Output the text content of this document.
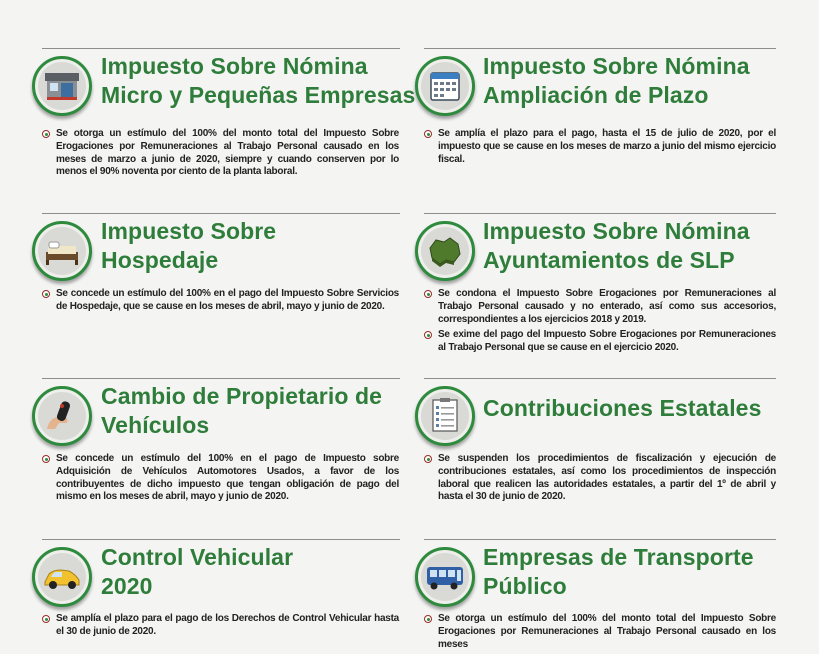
Impuesto Sobre Nómina
Micro y Pequeñas Empresas
Se otorga un estímulo del 100% del monto total del Impuesto Sobre Erogaciones por Remuneraciones al Trabajo Personal causado en los meses de marzo a junio de 2020, siempre y cuando conserven por lo menos el 90% noventa por ciento de la planta laboral.
Impuesto Sobre Nómina
Ampliación de Plazo
Se amplía el plazo para el pago, hasta el 15 de julio de 2020, por el impuesto que se cause en los meses de marzo a junio del mismo ejercicio fiscal.
Impuesto Sobre
Hospedaje
Se concede un estímulo del 100% en el pago del Impuesto Sobre Servicios de Hospedaje, que se cause en los meses de abril, mayo y junio de 2020.
Impuesto Sobre Nómina
Ayuntamientos de SLP
Se condona el Impuesto Sobre Erogaciones por Remuneraciones al Trabajo Personal causado y no enterado, así como sus accesorios, correspondientes a los ejercicios 2018 y 2019.
Se exime del pago del Impuesto Sobre Erogaciones por Remuneraciones al Trabajo Personal que se cause en el ejercicio 2020.
Cambio de Propietario de
Vehículos
Se concede un estímulo del 100% en el pago de Impuesto sobre Adquisición de Vehículos Automotores Usados, a favor de los contribuyentes de dicho impuesto que tengan obligación de pago del mismo en los meses de abril, mayo y junio de 2020.
Contribuciones Estatales
Se suspenden los procedimientos de fiscalización y ejecución de contribuciones estatales, así como los procedimientos de inspección laboral que realicen las autoridades estatales, a partir del 1º de abril y hasta el 30 de junio de 2020.
Control Vehicular
2020
Se amplía el plazo para el pago de los Derechos de Control Vehicular hasta el 30 de junio de 2020.
Empresas de Transporte
Público
Se otorga un estímulo del 100% del monto total del Impuesto Sobre Erogaciones por Remuneraciones al Trabajo Personal causado en los meses
